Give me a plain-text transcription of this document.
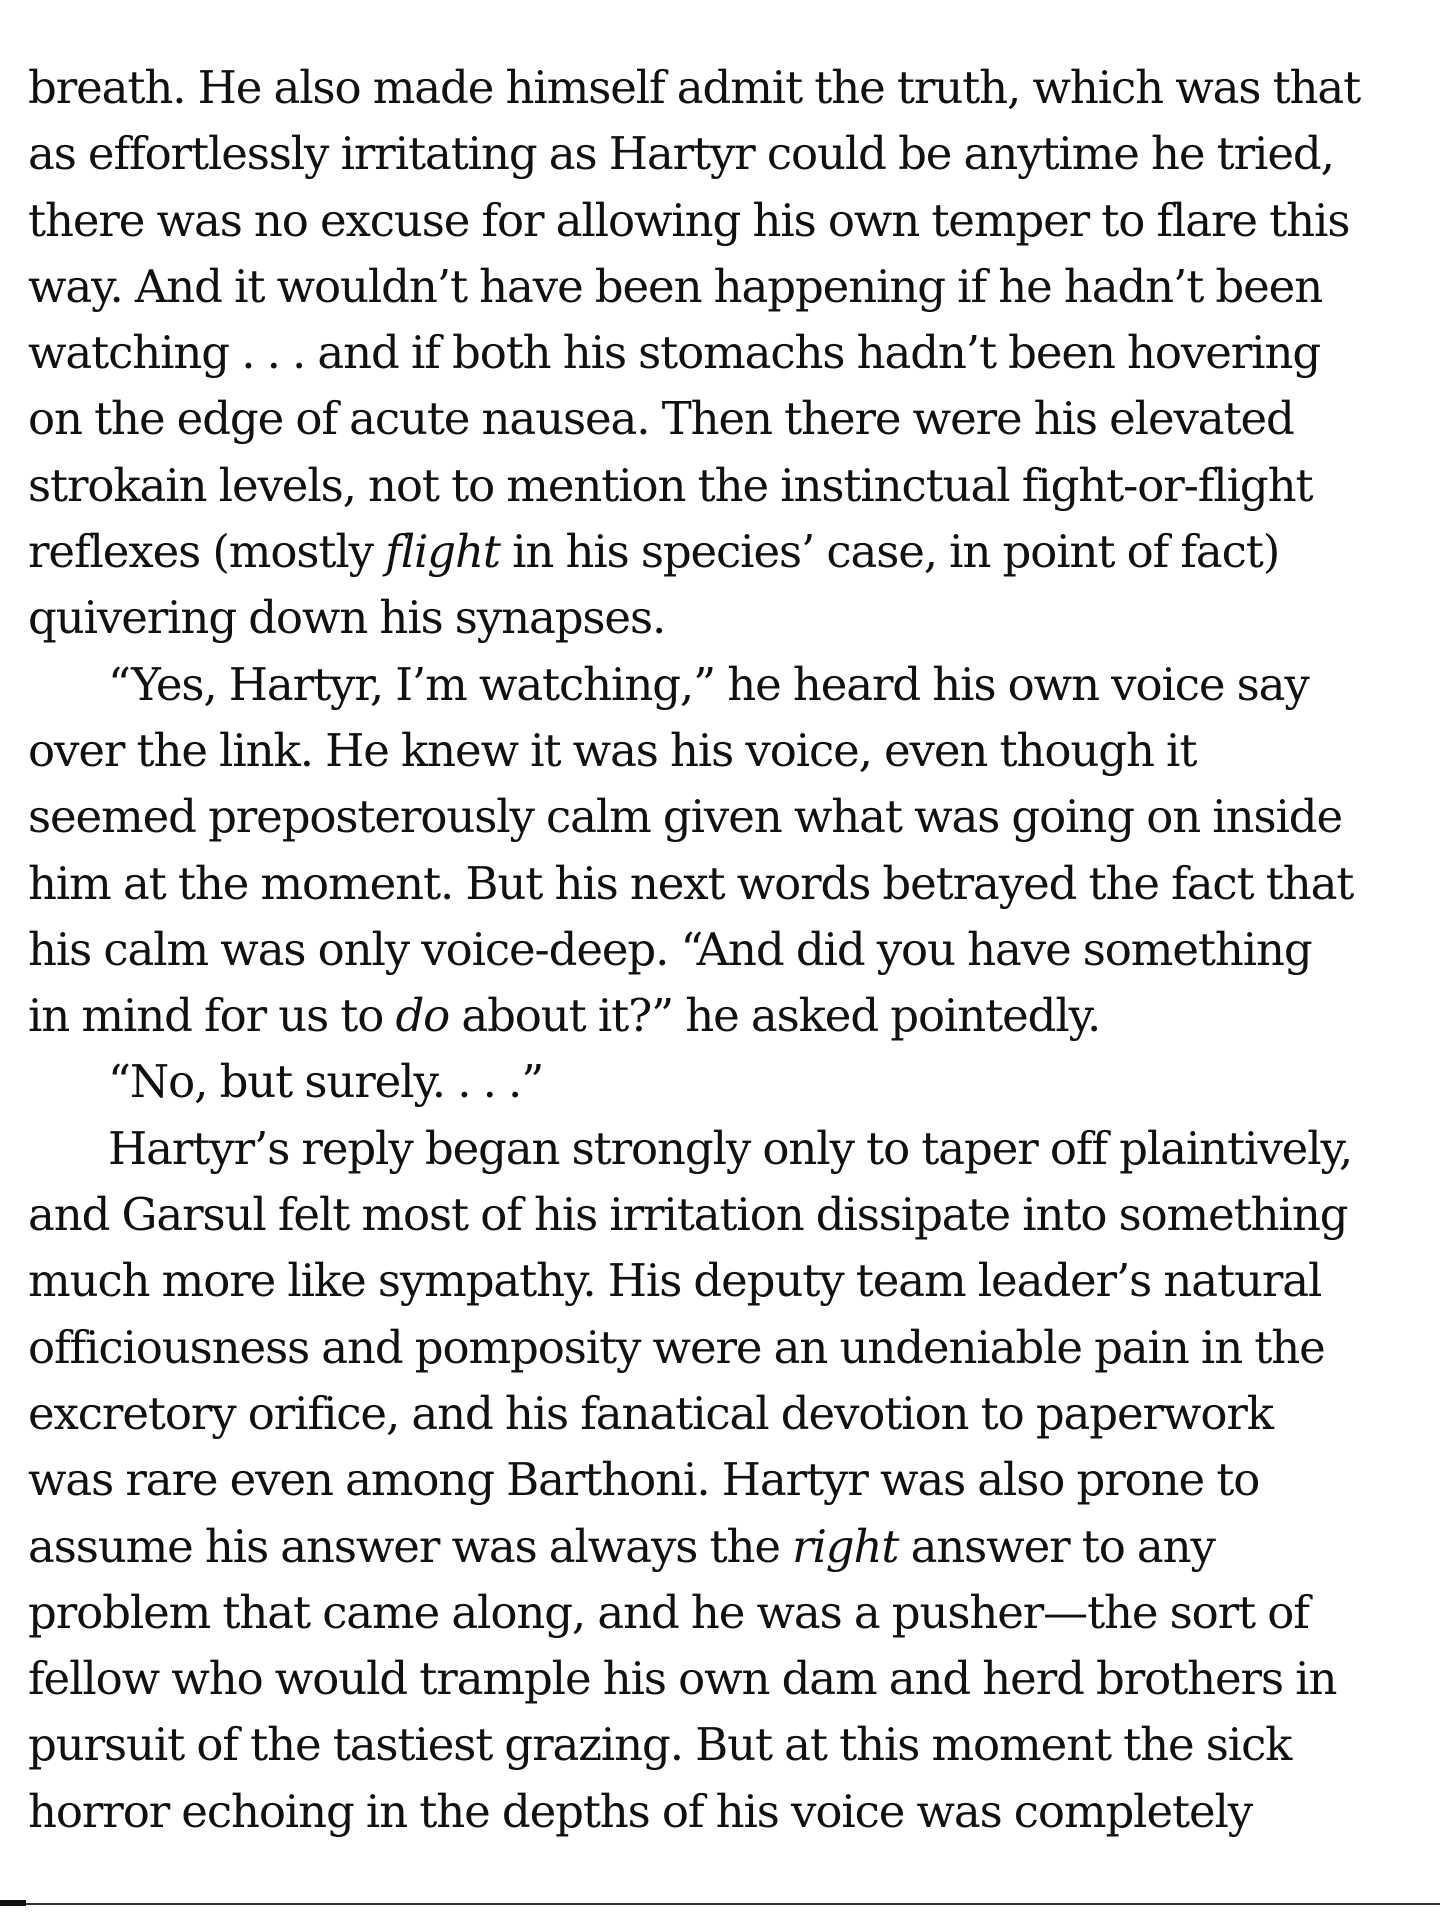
breath. He also made himself admit the truth, which was that
as effortlessly irritating as Hartyr could be anytime he tried,
there was no excuse for allowing his own temper to flare this
way. And it wouldn’t have been happening if he hadn’t been
watching . . . and if both his stomachs hadn’t been hovering
on the edge of acute nausea. Then there were his elevated
strokain levels, not to mention the instinctual fight-or-flight
reflexes (mostly flight in his species’ case, in point of fact)
quivering down his synapses.

“Yes, Hartyr, I’m watching,” he heard his own voice say
over the link. He knew it was his voice, even though it
seemed preposterously calm given what was going on inside
him at the moment. But his next words betrayed the fact that
his calm was only voice-deep. “And did you have something
in mind for us to do about it?” he asked pointedly.

“No, but surely. . . .”

Hartyr’s reply began strongly only to taper off plaintively,
and Garsul felt most of his irritation dissipate into something
much more like sympathy. His deputy team leader’s natural
officiousness and pomposity were an undeniable pain in the
excretory orifice, and his fanatical devotion to paperwork
was rare even among Barthoni. Hartyr was also prone to
assume his answer was always the right answer to any
problem that came along, and he was a pusher—the sort of
fellow who would trample his own dam and herd brothers in
pursuit of the tastiest grazing. But at this moment the sick
horror echoing in the depths of his voice was completely
